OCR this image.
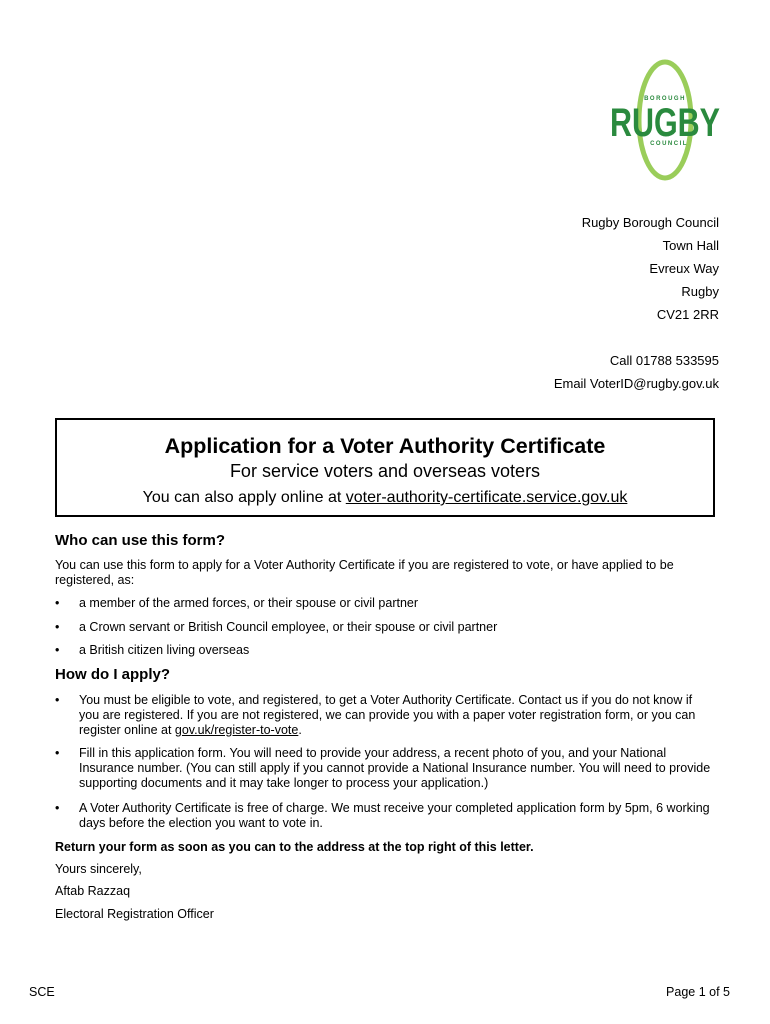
BOROUGH
RUGBY
COUNCIL
Rugby Borough Council
Town Hall
Evreux Way
Rugby
CV21 2RR
Call 01788 533595
Email VoterID@rugby.gov.uk
Application for a Voter Authority Certificate
For service voters and overseas voters
You can also apply online at voter-authority-certificate.service.gov.uk
Who can use this form?
You can use this form to apply for a Voter Authority Certificate if you are registered to vote, or have applied to be registered, as:
•	a member of the armed forces, or their spouse or civil partner
•	a Crown servant or British Council employee, or their spouse or civil partner
•	a British citizen living overseas
How do I apply?
•	You must be eligible to vote, and registered, to get a Voter Authority Certificate. Contact us if you do not know if you are registered. If you are not registered, we can provide you with a paper voter registration form, or you can register online at gov.uk/register-to-vote.
•	Fill in this application form. You will need to provide your address, a recent photo of you, and your National Insurance number. (You can still apply if you cannot provide a National Insurance number. You will need to provide supporting documents and it may take longer to process your application.)
•	A Voter Authority Certificate is free of charge. We must receive your completed application form by 5pm, 6 working days before the election you want to vote in.
Return your form as soon as you can to the address at the top right of this letter.
Yours sincerely,
Aftab Razzaq
Electoral Registration Officer
SCE	Page 1 of 5
